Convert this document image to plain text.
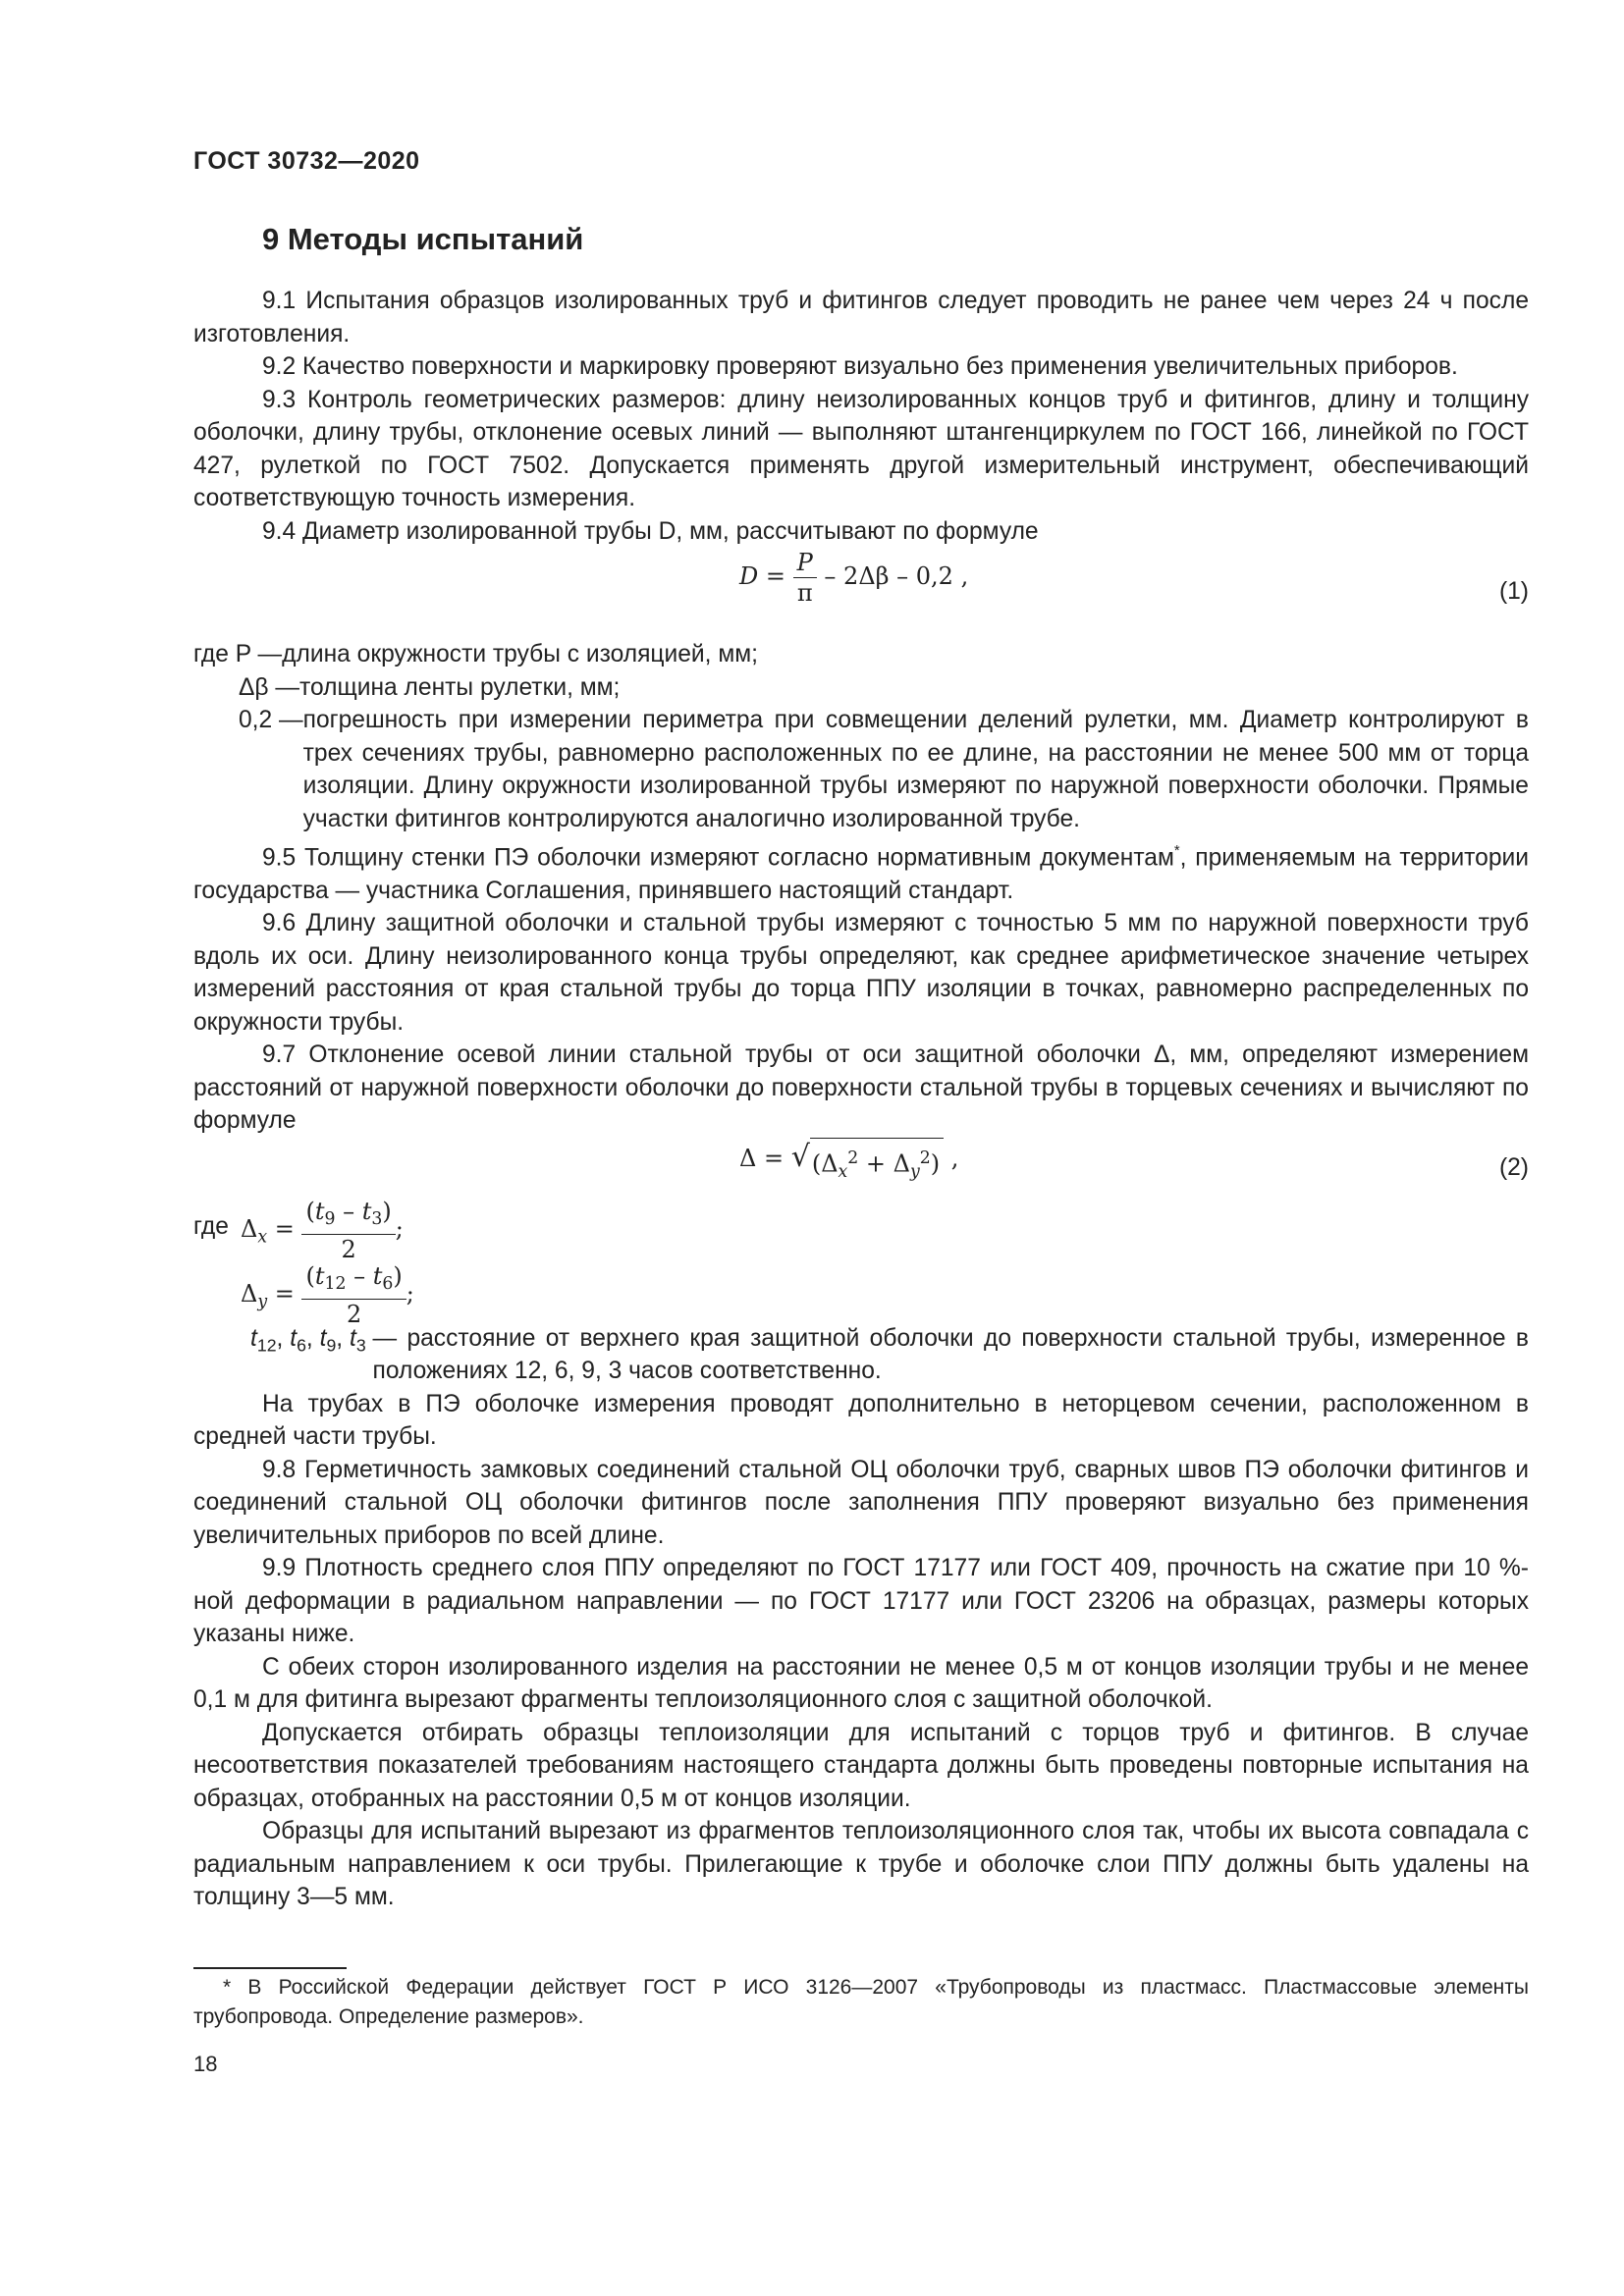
ГОСТ 30732—2020
9 Методы испытаний

9.1 Испытания образцов изолированных труб и фитингов следует проводить не ранее чем через 24 ч после изготовления.

9.2 Качество поверхности и маркировку проверяют визуально без применения увеличительных приборов.

9.3 Контроль геометрических размеров: длину неизолированных концов труб и фитингов, длину и толщину оболочки, длину трубы, отклонение осевых линий — выполняют штангенциркулем по ГОСТ 166, линейкой по ГОСТ 427, рулеткой по ГОСТ 7502. Допускается применять другой измерительный инструмент, обеспечивающий соответствующую точность измерения.

9.4 Диаметр изолированной трубы D, мм, рассчитывают по формуле

$D = \frac{P}{\pi} - 2\Delta\beta - 0,2$ ,
(1)
где P — длина окружности трубы с изоляцией, мм;
Δβ — толщина ленты рулетки, мм;
0,2 — погрешность при измерении периметра при совмещении делений рулетки, мм. Диаметр контролируют в трех сечениях трубы, равномерно расположенных по ее длине, на расстоянии не менее 500 мм от торца изоляции. Длину окружности изолированной трубы измеряют по наружной поверхности оболочки. Прямые участки фитингов контролируются аналогично изолированной трубе.

9.5 Толщину стенки ПЭ оболочки измеряют согласно нормативным документам*, применяемым на территории государства — участника Соглашения, принявшего настоящий стандарт.

9.6 Длину защитной оболочки и стальной трубы измеряют с точностью 5 мм по наружной поверхности труб вдоль их оси. Длину неизолированного конца трубы определяют, как среднее арифметическое значение четырех измерений расстояния от края стальной трубы до торца ППУ изоляции в точках, равномерно распределенных по окружности трубы.

9.7 Отклонение осевой линии стальной трубы от оси защитной оболочки Δ, мм, определяют измерением расстояний от наружной поверхности оболочки до поверхности стальной трубы в торцевых сечениях и вычисляют по формуле

Δ = √ $(\Delta_x^2 + \Delta_y^2)$ ,	(2)
где $\Delta_x = \frac{(t_9 - t_3)}{2}$ ;
$\Delta_y = \frac{(t_{12} - t_6)}{2}$ ;
$t_{12}$, $t_6$, $t_9$, $t_3$ — расстояние от верхнего края защитной оболочки до поверхности стальной трубы, измеренное в положениях 12, 6, 9, 3 часов соответственно.

На трубах в ПЭ оболочке измерения проводят дополнительно в неторцевом сечении, расположенном в средней части трубы.

9.8 Герметичность замковых соединений стальной ОЦ оболочки труб, сварных швов ПЭ оболочки фитингов и соединений стальной ОЦ оболочки фитингов после заполнения ППУ проверяют визуально без применения увеличительных приборов по всей длине.

9.9 Плотность среднего слоя ППУ определяют по ГОСТ 17177 или ГОСТ 409, прочность на сжатие при 10 %-ной деформации в радиальном направлении — по ГОСТ 17177 или ГОСТ 23206 на образцах, размеры которых указаны ниже.

С обеих сторон изолированного изделия на расстоянии не менее 0,5 м от концов изоляции трубы и не менее 0,1 м для фитинга вырезают фрагменты теплоизоляционного слоя с защитной оболочкой.

Допускается отбирать образцы теплоизоляции для испытаний с торцов труб и фитингов. В случае несоответствия показателей требованиям настоящего стандарта должны быть проведены повторные испытания на образцах, отобранных на расстоянии 0,5 м от концов изоляции.

Образцы для испытаний вырезают из фрагментов теплоизоляционного слоя так, чтобы их высота совпадала с радиальным направлением к оси трубы. Прилегающие к трубе и оболочке слои ППУ должны быть удалены на толщину 3—5 мм.

* В Российской Федерации действует ГОСТ Р ИСО 3126—2007 «Трубопроводы из пластмасс. Пластмассовые элементы трубопровода. Определение размеров».

18
